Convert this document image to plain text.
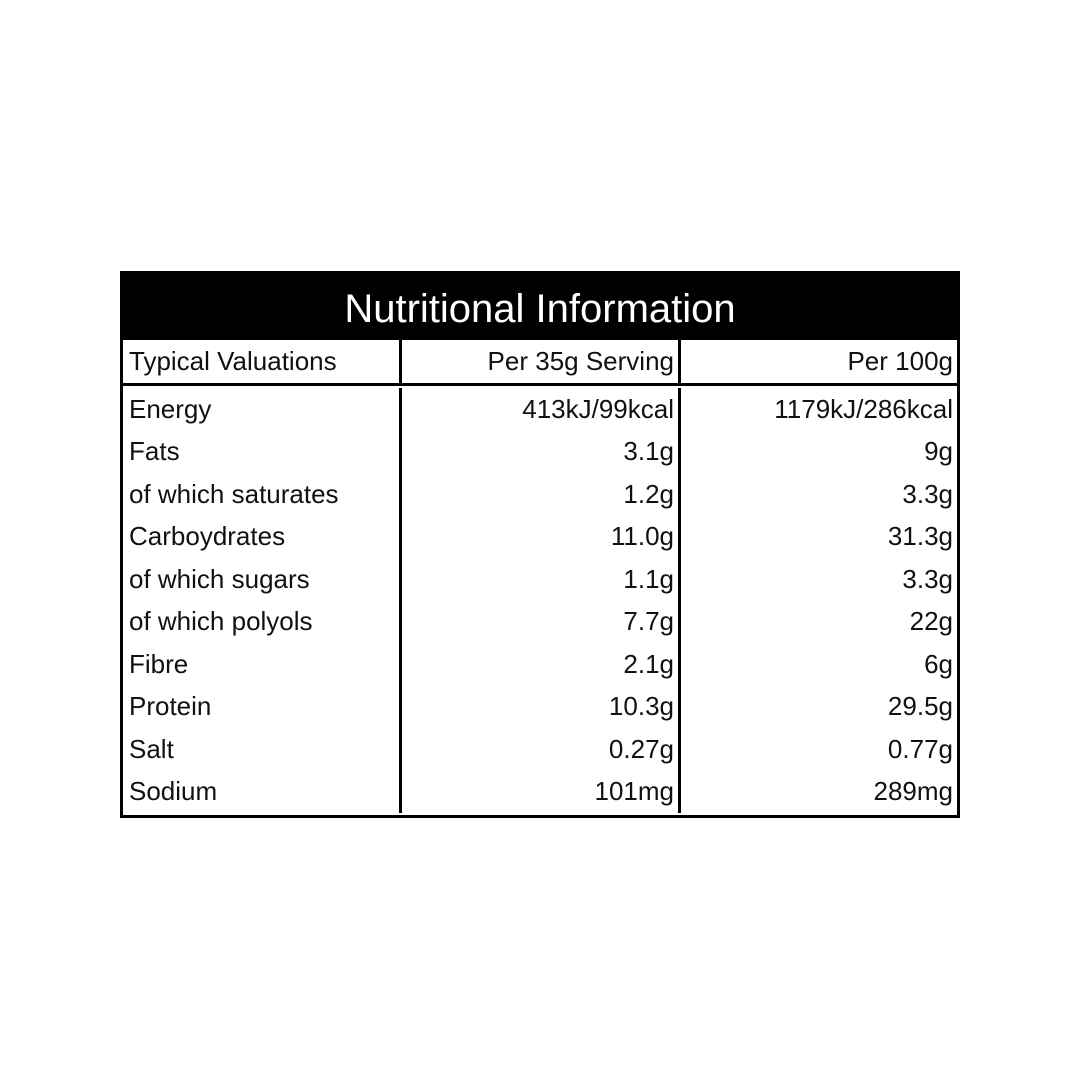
Nutritional Information
Typical Valuations	Per 35g Serving	Per 100g
Energy	413kJ/99kcal	1179kJ/286kcal
Fats	3.1g	9g
of which saturates	1.2g	3.3g
Carboydrates	11.0g	31.3g
of which sugars	1.1g	3.3g
of which polyols	7.7g	22g
Fibre	2.1g	6g
Protein	10.3g	29.5g
Salt	0.27g	0.77g
Sodium	101mg	289mg
